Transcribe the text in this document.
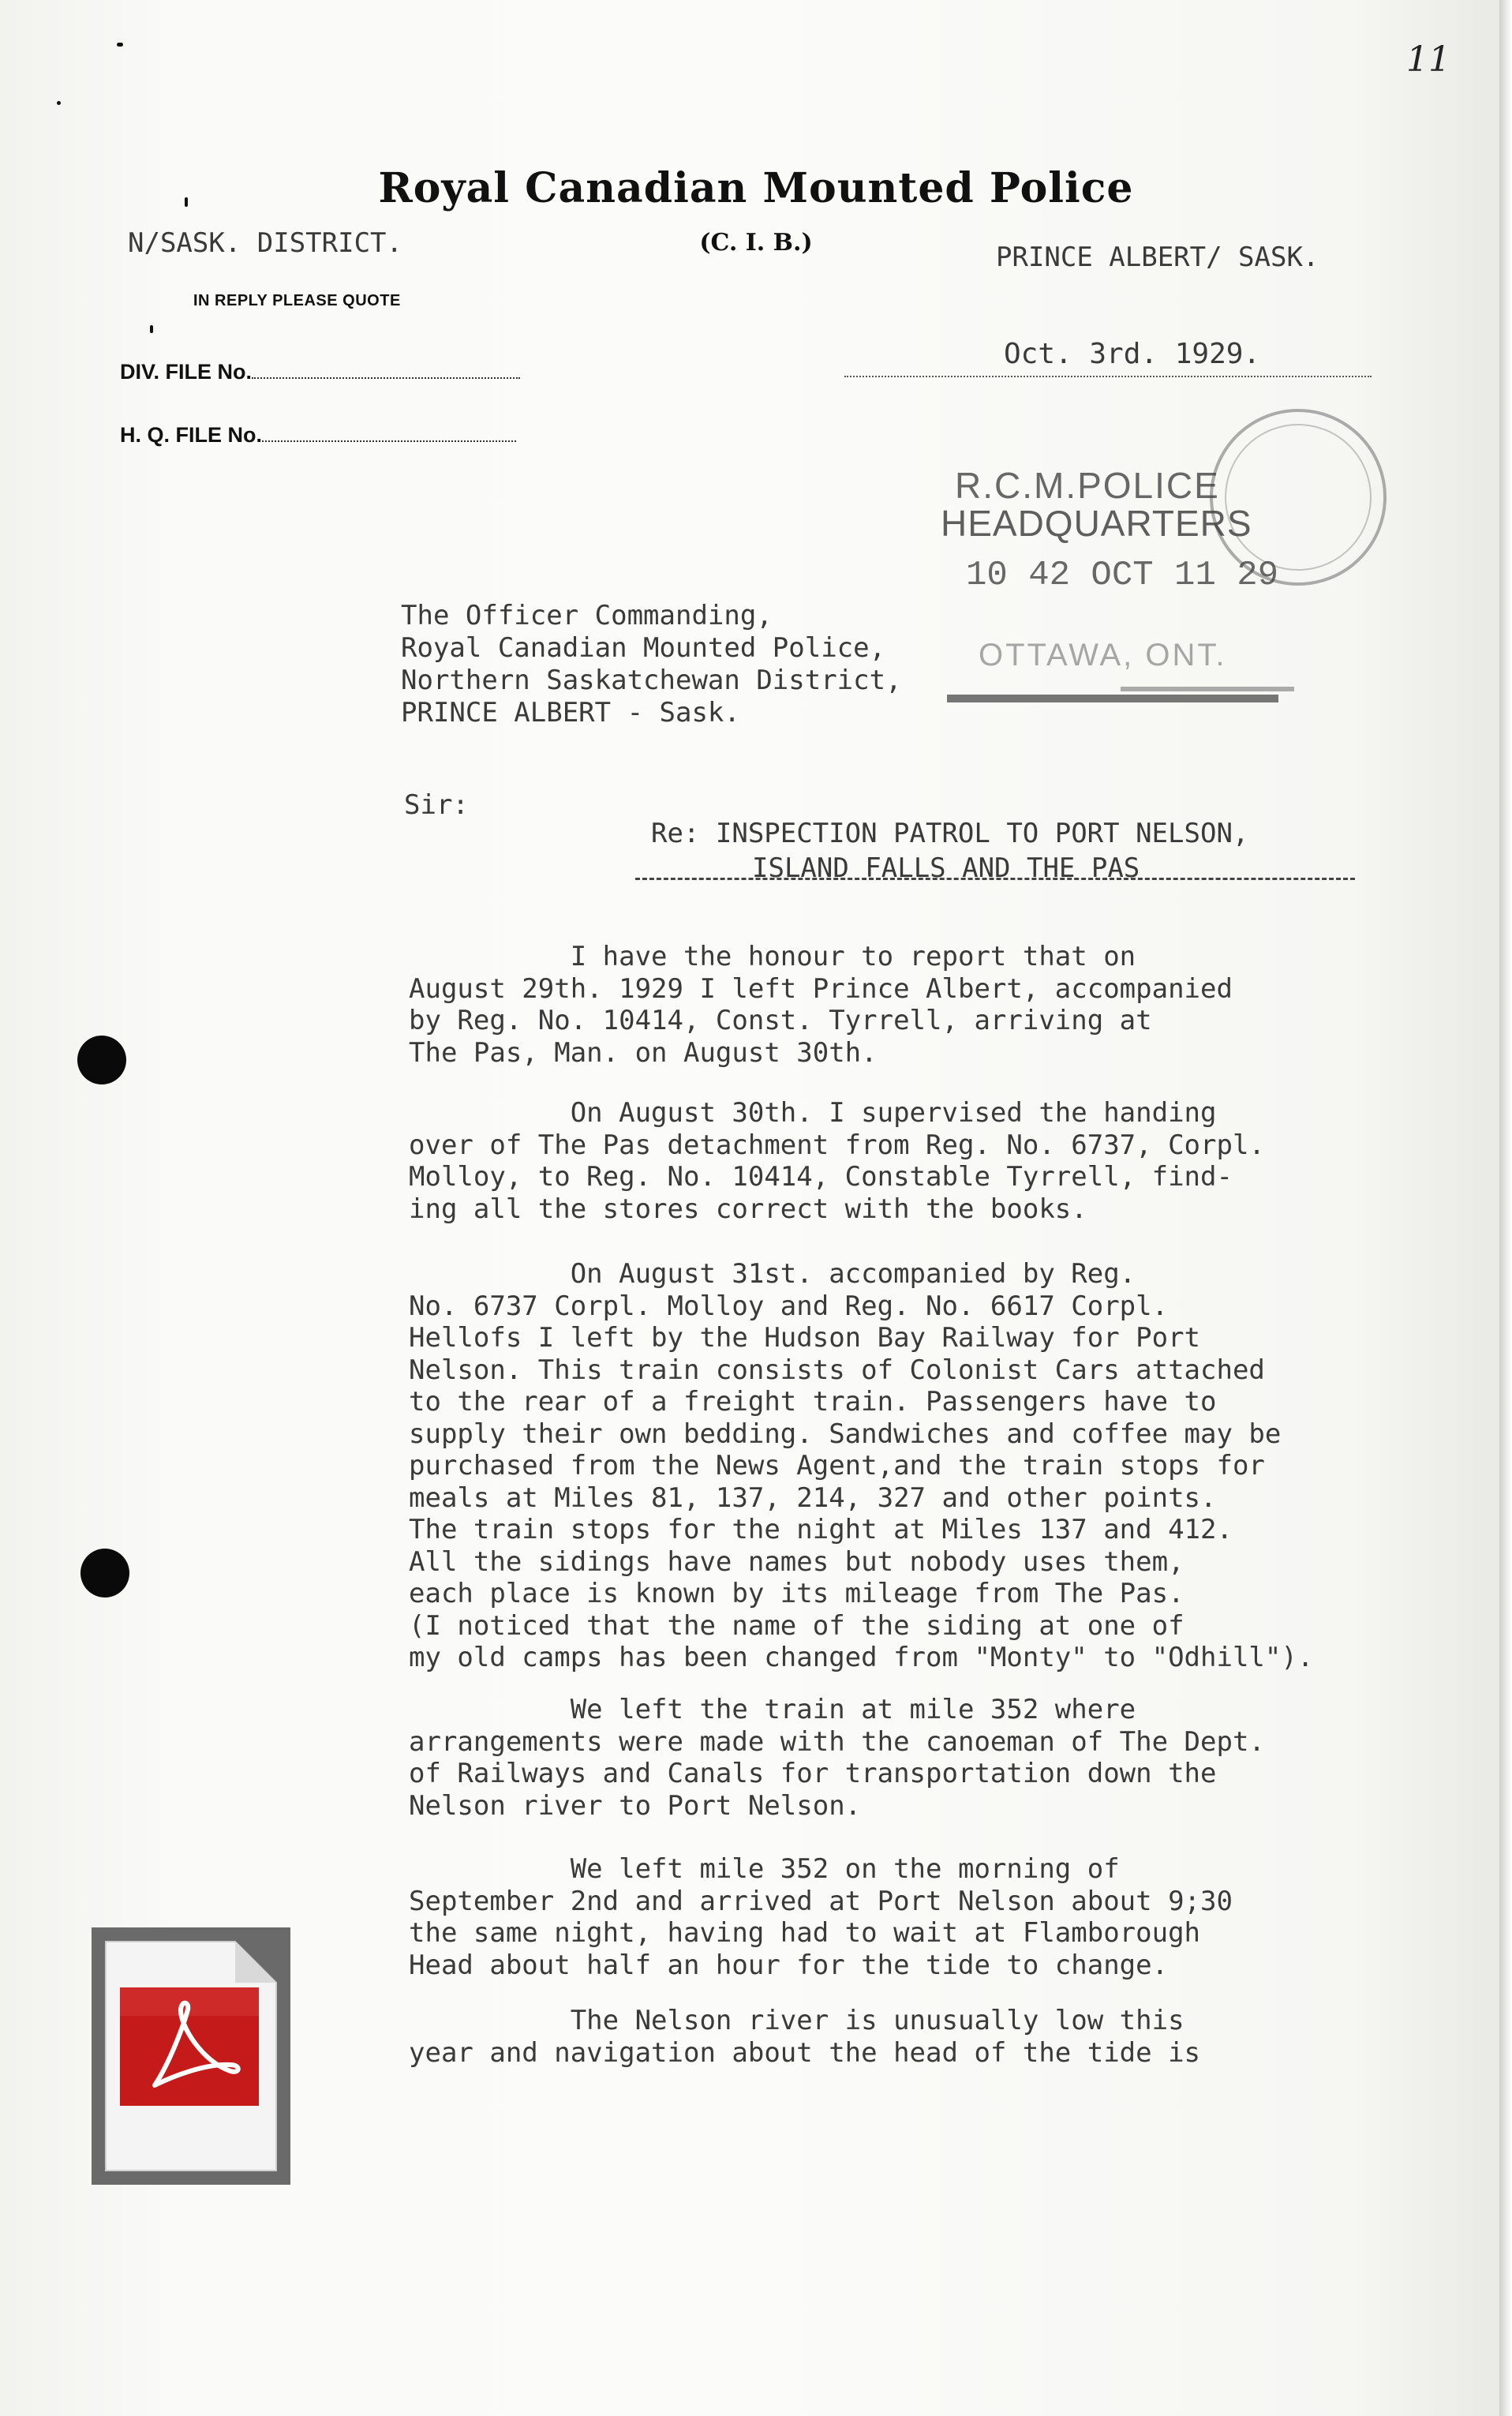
11
Royal Canadian Mounted Police
(C. I. B.)
N/SASK. DISTRICT.	PRINCE ALBERT/ SASK.
IN REPLY PLEASE QUOTE
DIV. FILE No.
H. Q. FILE No.
Oct. 3rd. 1929.
R.C.M.POLICE
HEADQUARTERS
10 42 OCT 11 29
OTTAWA, ONT.
The Officer Commanding,
Royal Canadian Mounted Police,
Northern Saskatchewan District,
PRINCE ALBERT - Sask.
Sir:
Re: INSPECTION PATROL TO PORT NELSON,
ISLAND FALLS AND THE PAS
I have the honour to report that on
August 29th. 1929 I left Prince Albert, accompanied
by Reg. No. 10414, Const. Tyrrell, arriving at
The Pas, Man. on August 30th.
On August 30th. I supervised the handing
over of The Pas detachment from Reg. No. 6737, Corpl.
Molloy, to Reg. No. 10414, Constable Tyrrell, find-
ing all the stores correct with the books.
On August 31st. accompanied by Reg.
No. 6737 Corpl. Molloy and Reg. No. 6617 Corpl.
Hellofs I left by the Hudson Bay Railway for Port
Nelson. This train consists of Colonist Cars attached
to the rear of a freight train. Passengers have to
supply their own bedding. Sandwiches and coffee may be
purchased from the News Agent,and the train stops for
meals at Miles 81, 137, 214, 327 and other points.
The train stops for the night at Miles 137 and 412.
All the sidings have names but nobody uses them,
each place is known by its mileage from The Pas.
(I noticed that the name of the siding at one of
my old camps has been changed from "Monty" to "Odhill").
We left the train at mile 352 where
arrangements were made with the canoeman of The Dept.
of Railways and Canals for transportation down the
Nelson river to Port Nelson.
We left mile 352 on the morning of
September 2nd and arrived at Port Nelson about 9;30
the same night, having had to wait at Flamborough
Head about half an hour for the tide to change.
The Nelson river is unusually low this
year and navigation about the head of the tide is
